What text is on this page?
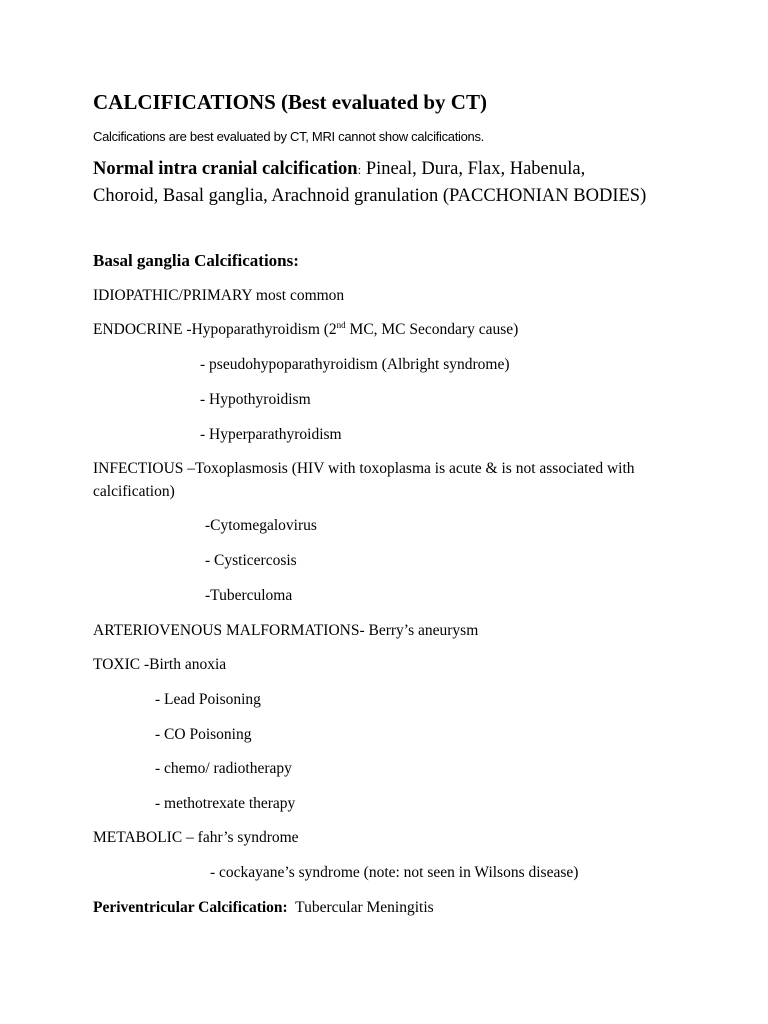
CALCIFICATIONS (Best evaluated by CT)
Calcifications are best evaluated by CT, MRI cannot show calcifications.
Normal intra cranial calcification: Pineal, Dura, Flax, Habenula, Choroid, Basal ganglia, Arachnoid granulation (PACCHONIAN BODIES)
Basal ganglia Calcifications:
IDIOPATHIC/PRIMARY most common
ENDOCRINE -Hypoparathyroidism (2nd MC, MC Secondary cause)
- pseudohypoparathyroidism (Albright syndrome)
- Hypothyroidism
- Hyperparathyroidism
INFECTIOUS –Toxoplasmosis (HIV with toxoplasma is acute & is not associated with calcification)
-Cytomegalovirus
- Cysticercosis
-Tuberculoma
ARTERIOVENOUS MALFORMATIONS- Berry’s aneurysm
TOXIC -Birth anoxia
- Lead Poisoning
- CO Poisoning
- chemo/ radiotherapy
- methotrexate therapy
METABOLIC – fahr’s syndrome
- cockayane’s syndrome (note: not seen in Wilsons disease)
Periventricular Calcification:  Tubercular Meningitis
